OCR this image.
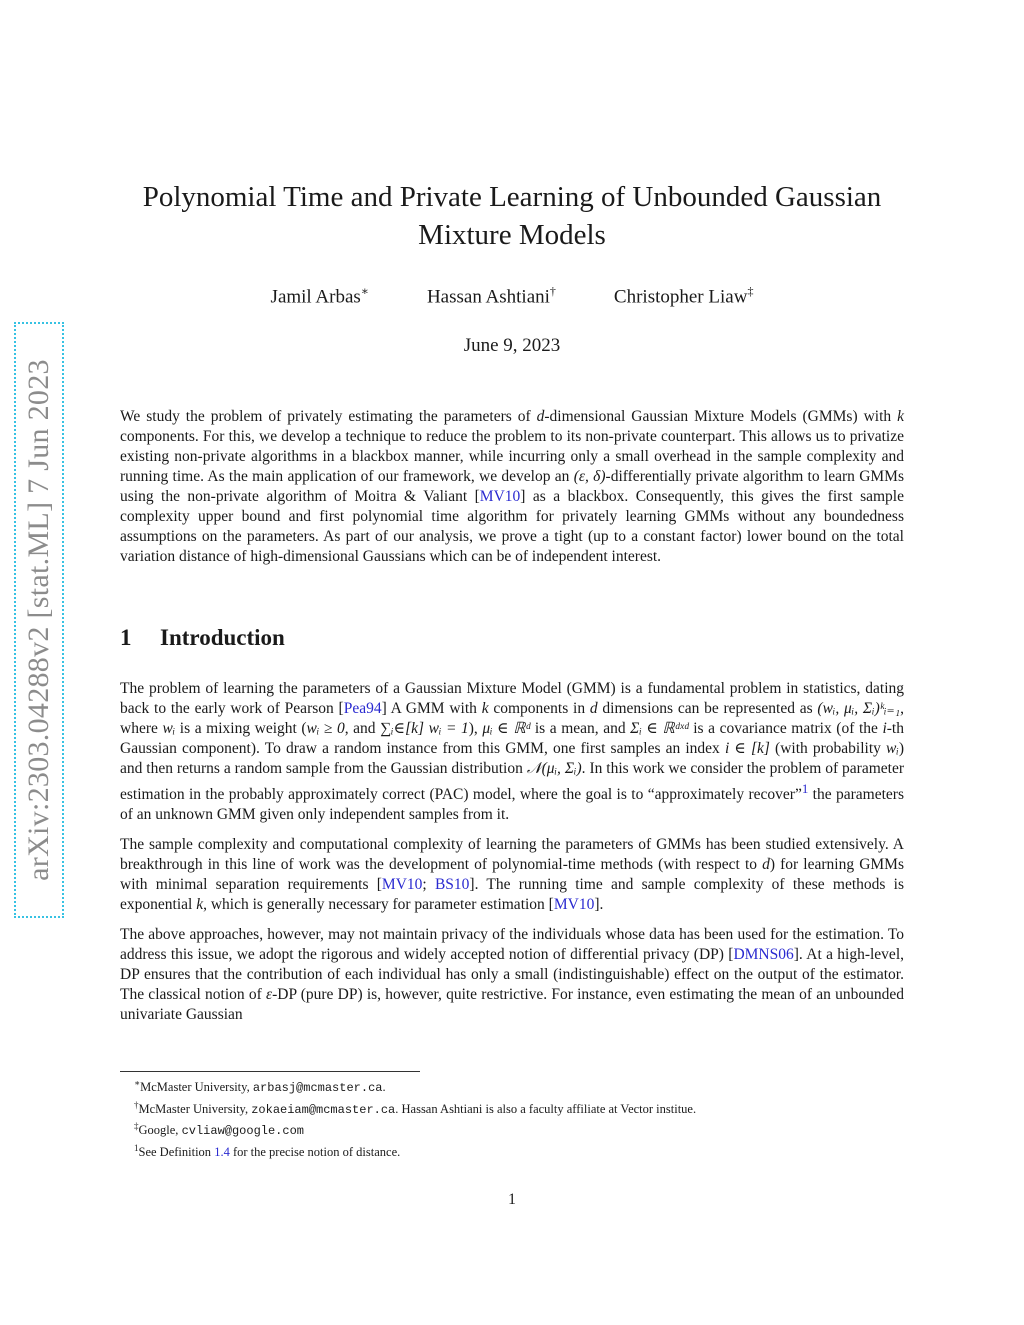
arXiv:2303.04288v2 [stat.ML] 7 Jun 2023
Polynomial Time and Private Learning of Unbounded Gaussian
Mixture Models
Jamil Arbas∗	Hassan Ashtiani†	Christopher Liaw‡
June 9, 2023

We study the problem of privately estimating the parameters of d-dimensional Gaussian Mixture Models (GMMs) with k components. For this, we develop a technique to reduce the problem to its non-private counterpart. This allows us to privatize existing non-private algorithms in a blackbox manner, while incurring only a small overhead in the sample complexity and running time. As the main application of our framework, we develop an (ε, δ)-differentially private algorithm to learn GMMs using the non-private algorithm of Moitra & Valiant [MV10] as a blackbox. Consequently, this gives the first sample complexity upper bound and first polynomial time algorithm for privately learning GMMs without any boundedness assumptions on the parameters. As part of our analysis, we prove a tight (up to a constant factor) lower bound on the total variation distance of high-dimensional Gaussians which can be of independent interest.

1 Introduction

The problem of learning the parameters of a Gaussian Mixture Model (GMM) is a fundamental problem in statistics, dating back to the early work of Pearson [Pea94] A GMM with k components in d dimensions can be represented as (wᵢ, μᵢ, Σᵢ)ᵏᵢ₌₁, where wᵢ is a mixing weight (wᵢ ≥ 0, and ∑ᵢ∈[k] wᵢ = 1), μᵢ ∈ ℝᵈ is a mean, and Σᵢ ∈ ℝᵈˣᵈ is a covariance matrix (of the i-th Gaussian component). To draw a random instance from this GMM, one first samples an index i ∈ [k] (with probability wᵢ) and then returns a random sample from the Gaussian distribution 𝒩(μᵢ, Σᵢ). In this work we consider the problem of parameter estimation in the probably approximately correct (PAC) model, where the goal is to “approximately recover”$^1$ the parameters of an unknown GMM given only independent samples from it.

The sample complexity and computational complexity of learning the parameters of GMMs has been studied extensively. A breakthrough in this line of work was the development of polynomial-time methods (with respect to d) for learning GMMs with minimal separation requirements [MV10; BS10]. The running time and sample complexity of these methods is exponential k, which is generally necessary for parameter estimation [MV10].

The above approaches, however, may not maintain privacy of the individuals whose data has been used for the estimation. To address this issue, we adopt the rigorous and widely accepted notion of differential privacy (DP) [DMNS06]. At a high-level, DP ensures that the contribution of each individual has only a small (indistinguishable) effect on the output of the estimator. The classical notion of ε-DP (pure DP) is, however, quite restrictive. For instance, even estimating the mean of an unbounded univariate Gaussian

∗McMaster University, arbasj@mcmaster.ca.

†McMaster University, zokaeiam@mcmaster.ca. Hassan Ashtiani is also a faculty affiliate at Vector institue.

‡Google, cvliaw@google.com

$^1$See Definition 1.4 for the precise notion of distance.

1
